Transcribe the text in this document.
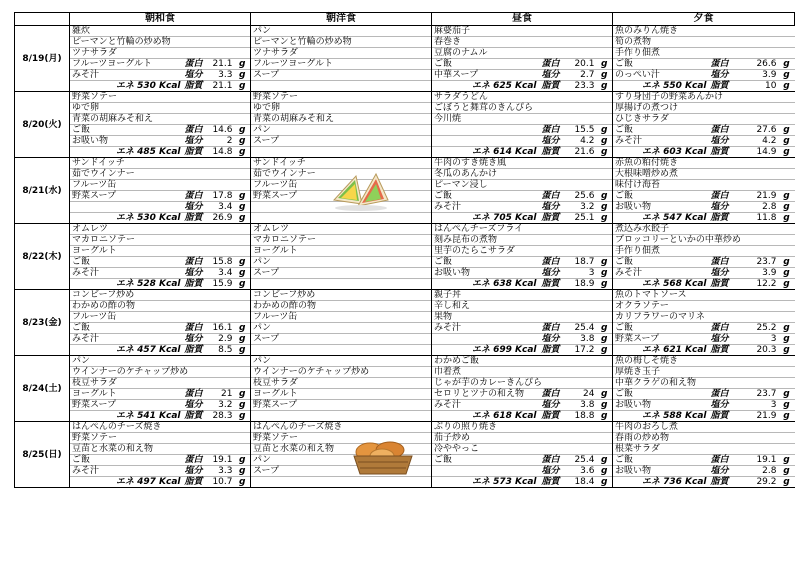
	朝和食				朝洋食	昼食				夕食			
8/19(月)	雑炊				パン	麻婆茄子				魚のみりん焼き			
	ピーマンと竹輪の炒め物				ピーマンと竹輪の炒め物	春巻き				筍の煮物			
	ツナサラダ				ツナサラダ	豆腐のナムル				手作り佃煮			
	フルーツヨーグルト	蛋白	21.1	g	フルーツヨーグルト	ご飯	蛋白	20.1	g	ご飯	蛋白	26.6	g
	みそ汁	塩分	3.3	g	スープ	中華スープ	塩分	2.7	g	のっぺい汁	塩分	3.9	g
	エネ 530 Kcal	脂質	21.1	g		エネ 625 Kcal	脂質	23.3	g	エネ 550 Kcal	脂質	10	g
8/20(火)	野菜ソテー				野菜ソテー	サラダうどん				すり身団子の野菜あんかけ			
	ゆで卵				ゆで卵	ごぼうと舞茸のきんぴら				厚揚げの煮つけ			
	青菜の胡麻みそ和え				青菜の胡麻みそ和え	今川焼				ひじきサラダ			
	ご飯	蛋白	14.6	g	パン		蛋白	15.5	g	ご飯	蛋白	27.6	g
	お吸い物	塩分	2	g	スープ		塩分	4.2	g	みそ汁	塩分	4.2	g
	エネ 485 Kcal	脂質	14.8	g		エネ 614 Kcal	脂質	21.6	g	エネ 603 Kcal	脂質	14.9	g
8/21(水)	サンドイッチ				サンドイッチ	牛肉のすき焼き風				赤魚の粕付焼き			
	茹でウインナー				茹でウインナー	冬瓜のあんかけ				大根味噌炒め煮			
	フルーツ缶				フルーツ缶	ピーマン浸し				味付け海苔			
	野菜スープ	蛋白	17.8	g	野菜スープ	ご飯	蛋白	25.6	g	ご飯	蛋白	21.9	g
		塩分	3.4	g		みそ汁	塩分	3.2	g	お吸い物	塩分	2.8	g
	エネ 530 Kcal	脂質	26.9	g		エネ 705 Kcal	脂質	25.1	g	エネ 547 Kcal	脂質	11.8	g
8/22(木)	オムレツ				オムレツ	はんぺんチーズフライ				煮込み水餃子			
	マカロニソテー				マカロニソテー	刻み昆布の煮物				ブロッコリーといかの中華炒め			
	ヨーグルト				ヨーグルト	里芋のたらこサラダ				手作り佃煮			
	ご飯	蛋白	15.8	g	パン	ご飯	蛋白	18.7	g	ご飯	蛋白	23.7	g
	みそ汁	塩分	3.4	g	スープ	お吸い物	塩分	3	g	みそ汁	塩分	3.9	g
	エネ 528 Kcal	脂質	15.9	g		エネ 638 Kcal	脂質	18.9	g	エネ 568 Kcal	脂質	12.2	g
8/23(金)	コンビーフ炒め				コンビーフ炒め	親子丼				魚のトマトソース			
	わかめの酢の物				わかめの酢の物	辛し和え				オクラソテー			
	フルーツ缶				フルーツ缶	果物				カリフラワーのマリネ			
	ご飯	蛋白	16.1	g	パン	みそ汁	蛋白	25.4	g	ご飯	蛋白	25.2	g
	みそ汁	塩分	2.9	g	スープ		塩分	3.8	g	野菜スープ	塩分	3	g
	エネ 457 Kcal	脂質	8.5	g		エネ 699 Kcal	脂質	17.2	g	エネ 621 Kcal	脂質	20.3	g
8/24(土)	パン				パン	わかめご飯				魚の梅しそ焼き			
	ウインナーのケチャップ炒め				ウインナーのケチャップ炒め	巾着煮				厚焼き玉子			
	枝豆サラダ				枝豆サラダ	じゃが芋のカレーきんぴら				中華クラゲの和え物			
	ヨーグルト	蛋白	21	g	ヨーグルト	セロリとツナの和え物	蛋白	24	g	ご飯	蛋白	23.7	g
	野菜スープ	塩分	3.2	g	野菜スープ	みそ汁	塩分	3.8	g	お吸い物	塩分	3	g
	エネ 541 Kcal	脂質	28.3	g		エネ 618 Kcal	脂質	18.8	g	エネ 588 Kcal	脂質	21.9	g
8/25(日)	はんぺんのチーズ焼き				はんぺんのチーズ焼き	ぶりの照り焼き				牛肉のおろし煮			
	野菜ソテー				野菜ソテー	茄子炒め				春雨の炒め物			
	豆苗と水菜の和え物				豆苗と水菜の和え物	冷ややっこ				根菜サラダ			
	ご飯	蛋白	19.1	g	パン	ご飯	蛋白	25.4	g	ご飯	蛋白	19.1	g
	みそ汁	塩分	3.3	g	スープ		塩分	3.6	g	お吸い物	塩分	2.8	g
	エネ 497 Kcal	脂質	10.7	g		エネ 573 Kcal	脂質	18.4	g	エネ 736 Kcal	脂質	29.2	g
